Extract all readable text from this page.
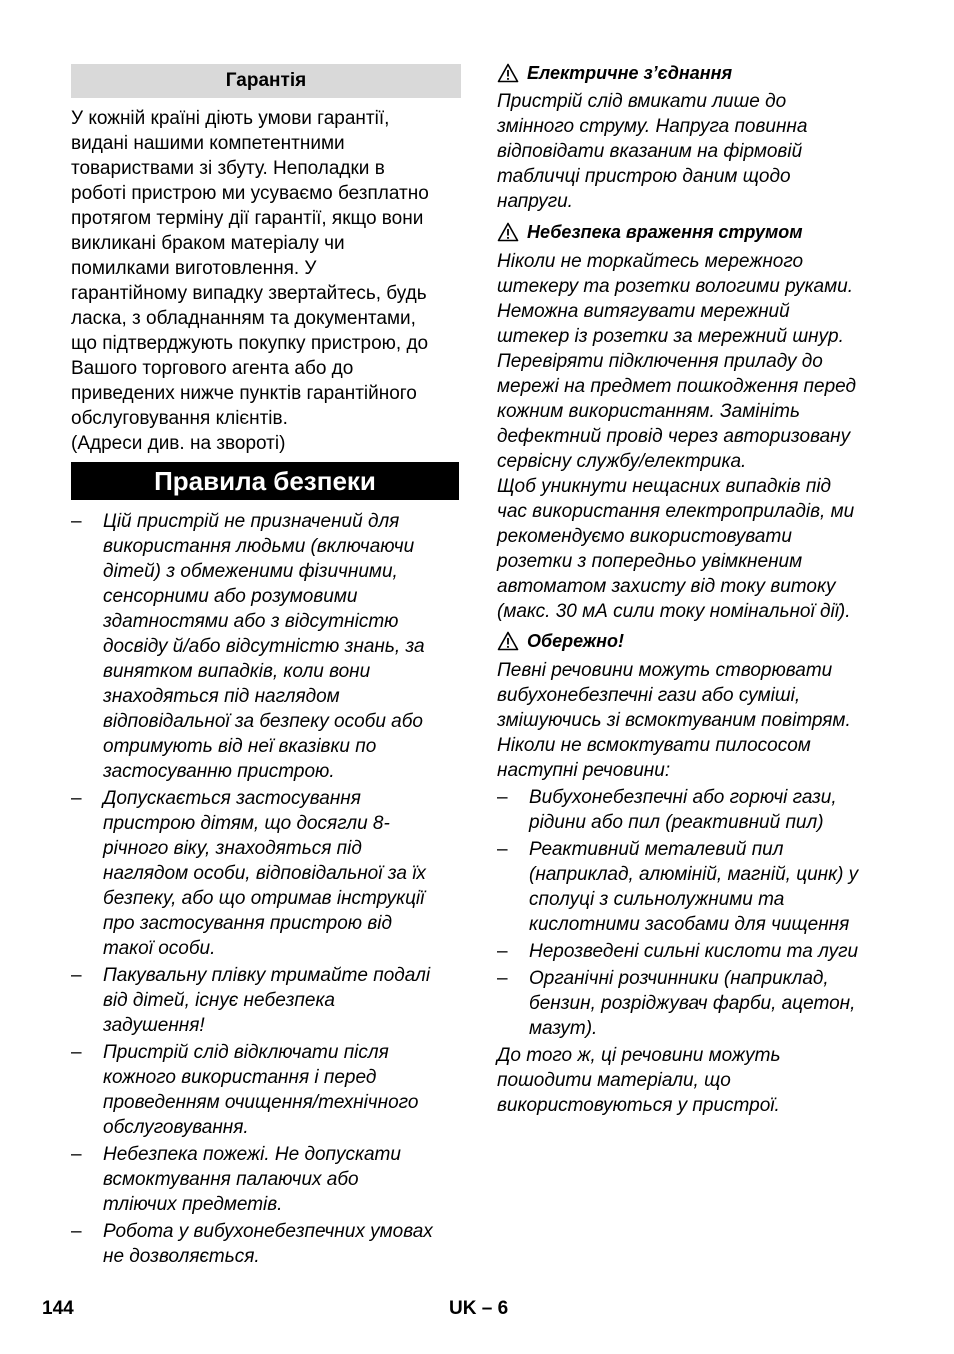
Гарантія

У кожній країні діють умови гарантії,

видані нашими компетентними

товариствами зі збуту. Неполадки в

роботі пристрою ми усуваємо безплатно

протягом терміну дії гарантії, якщо вони

викликані браком матеріалу чи

помилками виготовлення. У

гарантійному випадку звертайтесь, будь

ласка, з обладнанням та документами,

що підтверджують покупку пристрою, до

Вашого торгового агента або до

приведених нижче пунктів гарантійного

обслуговування клієнтів.

(Адреси див. на звороті)

Правила безпеки
– Цій пристрій не призначений для
використання людьми (включаючи
дітей) з обмеженими фізичними,
сенсорними або розумовими
здатностями або з відсутністю
досвіду й/або відсутністю знань, за
винятком випадків, коли вони
знаходяться під наглядом
відповідальної за безпеку особи або
отримують від неї вказівки по
застосуванню пристрою.
– Допускається застосування
пристрою дітям, що досягли 8-
річного віку, знаходяться під
наглядом особи, відповідальної за їх
безпеку, або що отримав інструкції
про застосування пристрою від
такої особи.
– Пакувальну плівку тримайте подалі
від дітей, існує небезпека
задушення!
– Пристрій слід відключати після
кожного використання і перед
проведенням очищення/технічного
обслуговування.
– Небезпека пожежі. Не допускати
всмоктування палаючих або
тліючих предметів.
– Робота у вибухонебезпечних умовах
не дозволяється.
Електричне з’єднання

Пристрій слід вмикати лише до

змінного струму. Напруга повинна

відповідати вказаним на фірмовій

табличці пристрою даним щодо

напруги.

Небезпека враження струмом

Ніколи не торкайтесь мережного

штекеру та розетки вологими руками.

Неможна витягувати мережний

штекер із розетки за мережний шнур.

Перевіряти підключення приладу до

мережі на предмет пошкодження перед

кожним використанням. Замініть

дефектний провід через авторизовану

сервісну службу/електрика.

Щоб уникнути нещасних випадків під

час використання електроприладів, ми

рекомендуємо використовувати

розетки з попередньо увімкненим

автоматом захисту від току витоку

(макс. 30 мА сили току номінальної дії).

Обережно!

Певні речовини можуть створювати

вибухонебезпечні гази або суміші,

змішуючись зі всмоктуваним повітрям.

Ніколи не всмоктувати пилососом

наступні речовини:

– Вибухонебезпечні або горючі гази,
рідини або пил (реактивний пил)
– Реактивний металевий пил
(наприклад, алюміній, магній, цинк) у
сполуці з сильнолужними та
кислотними засобами для чищення
– Нерозведені сильні кислоти та луги
– Органічні розчинники (наприклад,
бензин, розріджувач фарби, ацетон,
мазут).

До того ж, ці речовини можуть

пошодити матеріали, що

використовуються у пристрої.

144	UK – 6
